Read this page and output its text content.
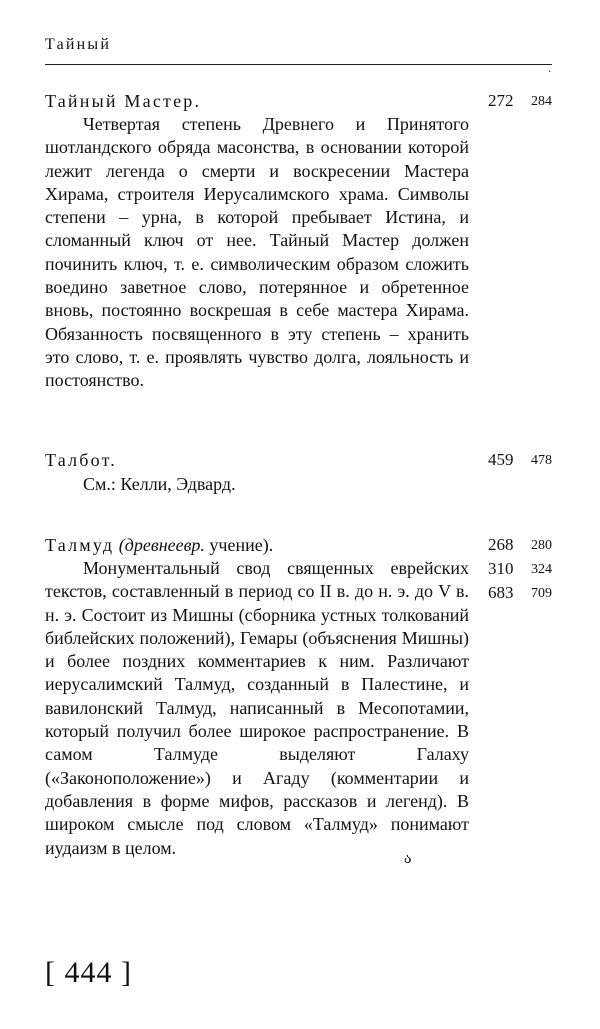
Тайный
·
Тайный Мастер.	272 284

Четвертая степень Древнего и Принятого шотландского обряда масонства, в основании которой лежит легенда о смерти и воскресении Мастера Хирама, строителя Иерусалимского храма. Символы степени – урна, в которой пребывает Истина, и сломанный ключ от нее. Тайный Мастер должен починить ключ, т. е. символическим образом сложить воедино заветное слово, потерянное и обретенное вновь, постоянно воскрешая в себе мастера Хирама. Обязанность посвященного в эту степень – хранить это слово, т. е. проявлять чувство долга, лояльность и постоянство.

Талбот.	459 478
См.: Келли, Эдвард.
Талмуд (древнеевр. учение).	268 280
310 324
683 709

Монументальный свод священных еврейских текстов, составленный в период со II в. до н. э. до V в. н. э. Состоит из Мишны (сборника устных толкований библейских положений), Гемары (объяснения Мишны) и более поздних комментариев к ним. Различают иерусалимский Талмуд, созданный в Палестине, и вавилонский Талмуд, написанный в Месопотамии, который получил более широкое распространение. В самом Талмуде выделяют Галаху («Законоположение») и Агаду (комментарии и добавления в форме мифов, рассказов и легенд). В широком смысле под словом «Талмуд» понимают иудаизм в целом.

ა
[ 444 ]
